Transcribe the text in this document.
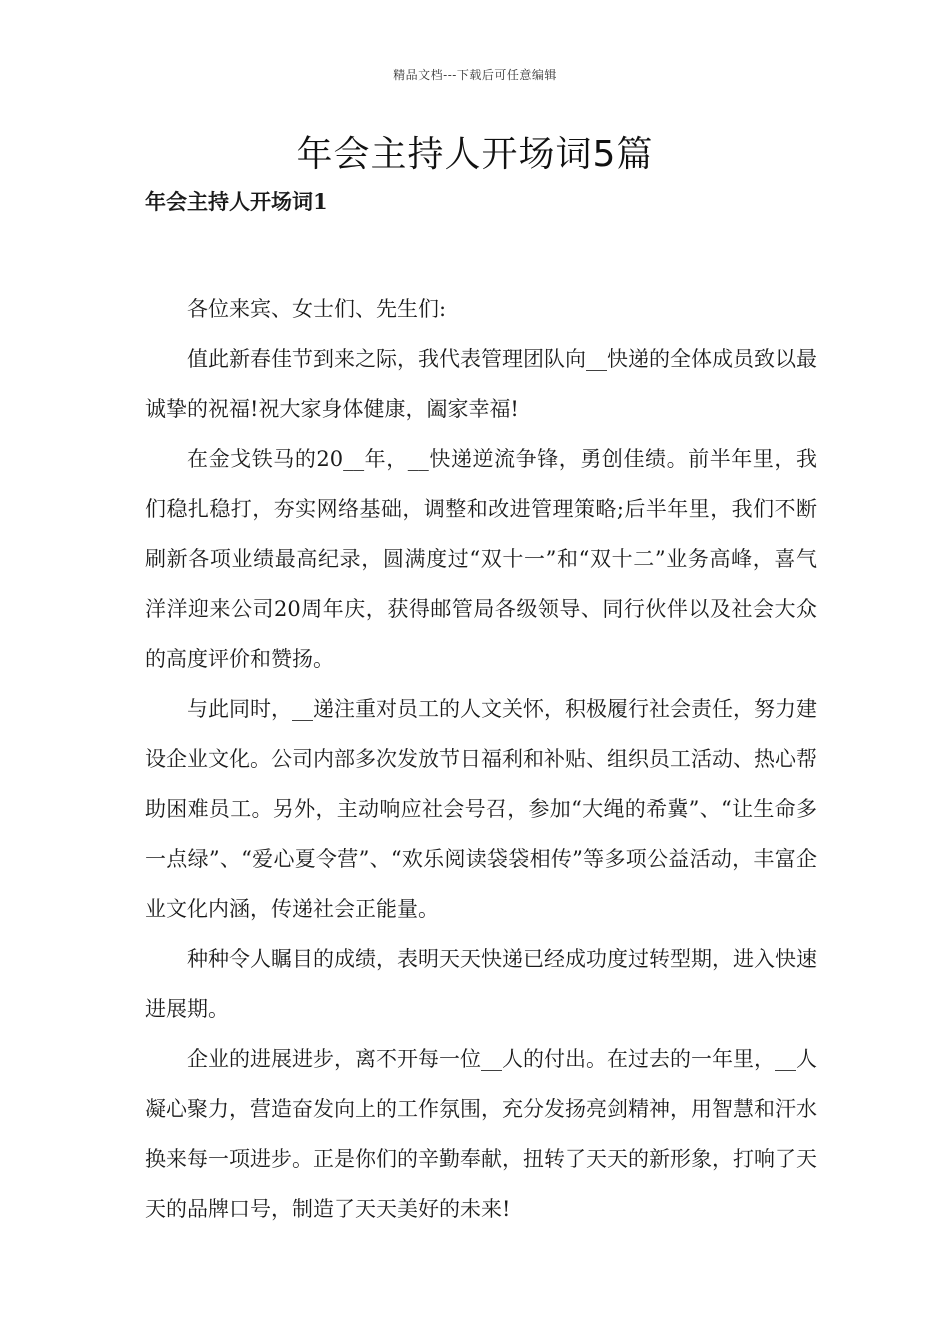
精品文档---下载后可任意编辑
年会主持人开场词5篇
年会主持人开场词1

各位来宾、女士们、先生们:

值此新春佳节到来之际，我代表管理团队向__快递的全体成员致以最诚挚的祝福!祝大家身体健康，阖家幸福!

在金戈铁马的20__年，__快递逆流争锋，勇创佳绩。前半年里，我们稳扎稳打，夯实网络基础，调整和改进管理策略;后半年里，我们不断刷新各项业绩最高纪录，圆满度过“双十一”和“双十二”业务高峰，喜气洋洋迎来公司20周年庆，获得邮管局各级领导、同行伙伴以及社会大众的高度评价和赞扬。

与此同时，__递注重对员工的人文关怀，积极履行社会责任，努力建设企业文化。公司内部多次发放节日福利和补贴、组织员工活动、热心帮助困难员工。另外，主动响应社会号召，参加“大绳的希冀”、“让生命多一点绿”、“爱心夏令营”、“欢乐阅读袋袋相传”等多项公益活动，丰富企业文化内涵，传递社会正能量。

种种令人瞩目的成绩，表明天天快递已经成功度过转型期，进入快速进展期。

企业的进展进步，离不开每一位__人的付出。在过去的一年里，__人凝心聚力，营造奋发向上的工作氛围，充分发扬亮剑精神，用智慧和汗水换来每一项进步。正是你们的辛勤奉献，扭转了天天的新形象，打响了天天的品牌口号，制造了天天美好的未来!
